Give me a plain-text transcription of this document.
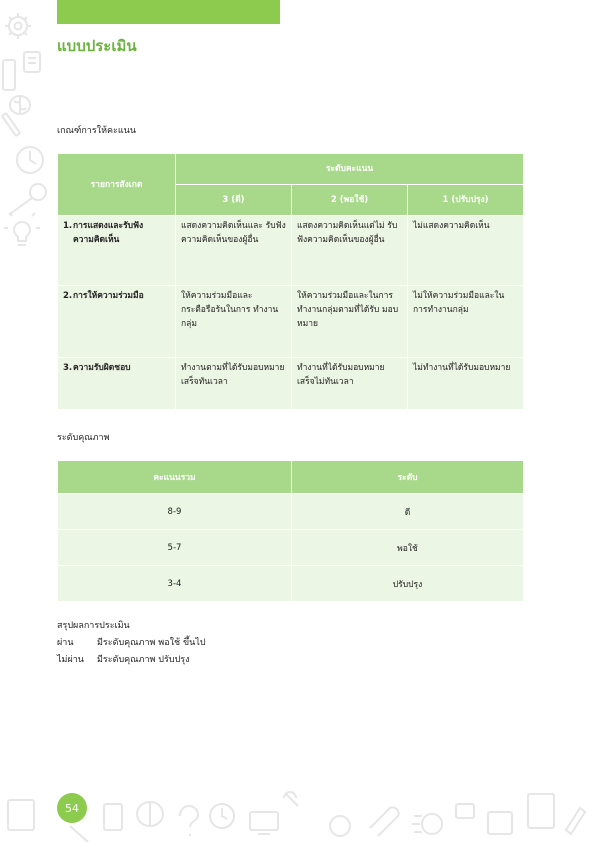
แบบประเมิน
เกณฑ์การให้คะแนน
รายการสังเกต	ระดับคะแนน		
	3 (ดี)	2 (พอใช้)	1 (ปรับปรุง)
1.การแสดงและรับฟัง
ความคิดเห็น	แสดงความคิดเห็นและ รับฟังความคิดเห็นของผู้อื่น	แสดงความคิดเห็นแต่ไม่ รับฟังความคิดเห็นของผู้อื่น	ไม่แสดงความคิดเห็น
2.การให้ความร่วมมือ	ให้ความร่วมมือและ กระตือรือร้นในการ ทำงานกลุ่ม	ให้ความร่วมมือและในการ ทำงานกลุ่มตามที่ได้รับ มอบหมาย	ไม่ให้ความร่วมมือและใน การทำงานกลุ่ม
3.ความรับผิดชอบ	ทำงานตามที่ได้รับมอบหมาย เสร็จทันเวลา	ทำงานที่ได้รับมอบหมาย เสร็จไม่ทันเวลา	ไม่ทำงานที่ได้รับมอบหมาย
ระดับคุณภาพ
คะแนนรวม	ระดับ
8-9	ดี
5-7	พอใช้
3-4	ปรับปรุง
สรุปผลการประเมิน
ผ่าน	มีระดับคุณภาพ พอใช้ ขึ้นไป
ไม่ผ่าน	มีระดับคุณภาพ ปรับปรุง
54
